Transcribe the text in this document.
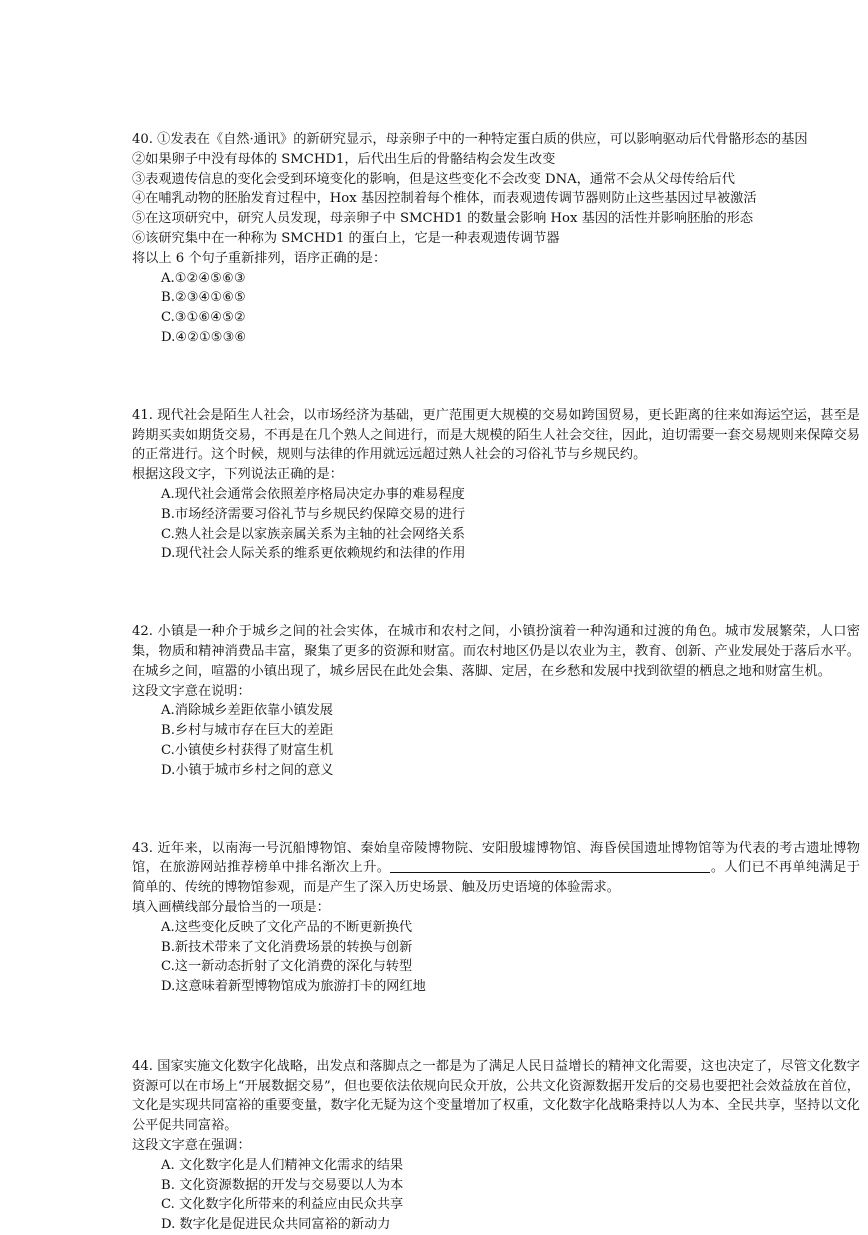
40. ①发表在《自然·通讯》的新研究显示，母亲卵子中的一种特定蛋白质的供应，可以影响驱动后代骨骼形态的基因

②如果卵子中没有母体的 SMCHD1，后代出生后的骨骼结构会发生改变

③表观遗传信息的变化会受到环境变化的影响，但是这些变化不会改变 DNA，通常不会从父母传给后代

④在哺乳动物的胚胎发育过程中，Hox 基因控制着每个椎体，而表观遗传调节器则防止这些基因过早被激活

⑤在这项研究中，研究人员发现，母亲卵子中 SMCHD1 的数量会影响 Hox 基因的活性并影响胚胎的形态

⑥该研究集中在一种称为 SMCHD1 的蛋白上，它是一种表观遗传调节器

将以上 6 个句子重新排列，语序正确的是：

A.①②④⑤⑥③

B.②③④①⑥⑤

C.③①⑥④⑤②

D.④②①⑤③⑥

41. 现代社会是陌生人社会，以市场经济为基础，更广范围更大规模的交易如跨国贸易，更长距离的往来如海运空运，甚至是跨期买卖如期货交易，不再是在几个熟人之间进行，而是大规模的陌生人社会交往，因此，迫切需要一套交易规则来保障交易的正常进行。这个时候，规则与法律的作用就远远超过熟人社会的习俗礼节与乡规民约。

根据这段文字，下列说法正确的是：

A.现代社会通常会依照差序格局决定办事的难易程度

B.市场经济需要习俗礼节与乡规民约保障交易的进行

C.熟人社会是以家族亲属关系为主轴的社会网络关系

D.现代社会人际关系的维系更依赖规约和法律的作用

42. 小镇是一种介于城乡之间的社会实体，在城市和农村之间，小镇扮演着一种沟通和过渡的角色。城市发展繁荣，人口密集，物质和精神消费品丰富，聚集了更多的资源和财富。而农村地区仍是以农业为主，教育、创新、产业发展处于落后水平。在城乡之间，喧嚣的小镇出现了，城乡居民在此处会集、落脚、定居，在乡愁和发展中找到欲望的栖息之地和财富生机。

这段文字意在说明：

A.消除城乡差距依靠小镇发展

B.乡村与城市存在巨大的差距

C.小镇使乡村获得了财富生机

D.小镇于城市乡村之间的意义

43. 近年来，以南海一号沉船博物馆、秦始皇帝陵博物院、安阳殷墟博物馆、海昏侯国遗址博物馆等为代表的考古遗址博物馆，在旅游网站推荐榜单中排名渐次上升。	。人们已不再单纯满足于简单的、传统的博物馆参观，而是产生了深入历史场景、触及历史语境的体验需求。

填入画横线部分最恰当的一项是：

A.这些变化反映了文化产品的不断更新换代

B.新技术带来了文化消费场景的转换与创新

C.这一新动态折射了文化消费的深化与转型

D.这意味着新型博物馆成为旅游打卡的网红地

44. 国家实施文化数字化战略，出发点和落脚点之一都是为了满足人民日益增长的精神文化需要，这也决定了，尽管文化数字资源可以在市场上“开展数据交易”，但也要依法依规向民众开放，公共文化资源数据开发后的交易也要把社会效益放在首位，文化是实现共同富裕的重要变量，数字化无疑为这个变量增加了权重，文化数字化战略秉持以人为本、全民共享，坚持以文化公平促共同富裕。

这段文字意在强调：

A. 文化数字化是人们精神文化需求的结果

B. 文化资源数据的开发与交易要以人为本

C. 文化数字化所带来的利益应由民众共享

D. 数字化是促进民众共同富裕的新动力
